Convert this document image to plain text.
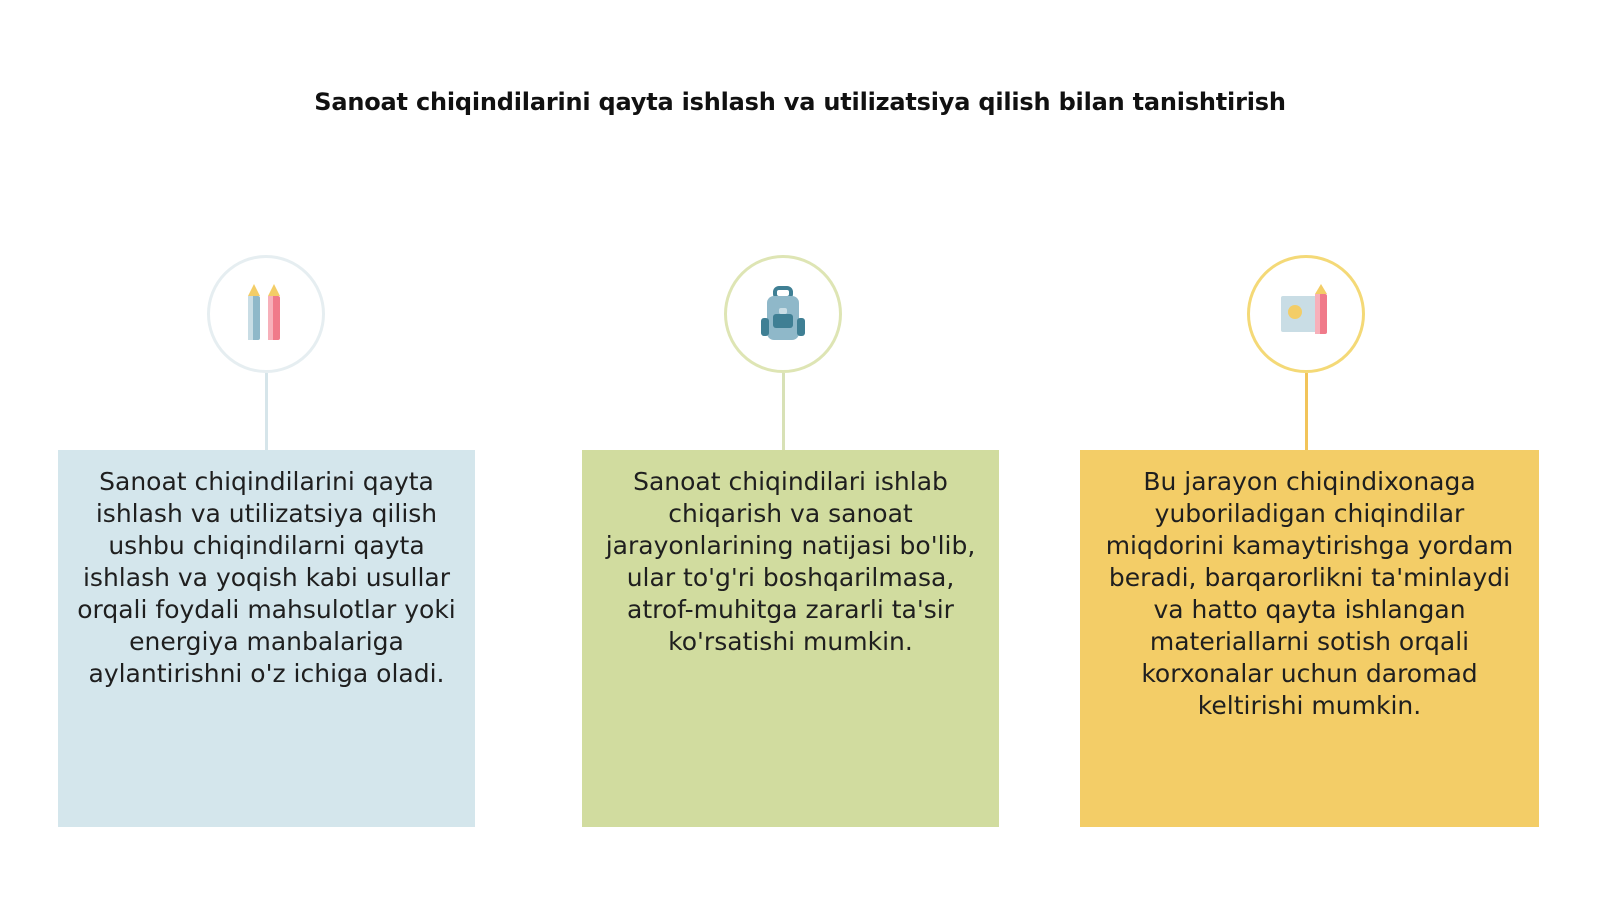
Sanoat chiqindilarini qayta ishlash va utilizatsiya qilish bilan tanishtirish
Sanoat chiqindilarini qayta ishlash va utilizatsiya qilish ushbu chiqindilarni qayta ishlash va yoqish kabi usullar orqali foydali mahsulotlar yoki energiya manbalariga aylantirishni o'z ichiga oladi.
Sanoat chiqindilari ishlab chiqarish va sanoat jarayonlarining natijasi bo'lib, ular to'g'ri boshqarilmasa, atrof-muhitga zararli ta'sir ko'rsatishi mumkin.
Bu jarayon chiqindixonaga yuboriladigan chiqindilar miqdorini kamaytirishga yordam beradi, barqarorlikni ta'minlaydi va hatto qayta ishlangan materiallarni sotish orqali korxonalar uchun daromad keltirishi mumkin.
